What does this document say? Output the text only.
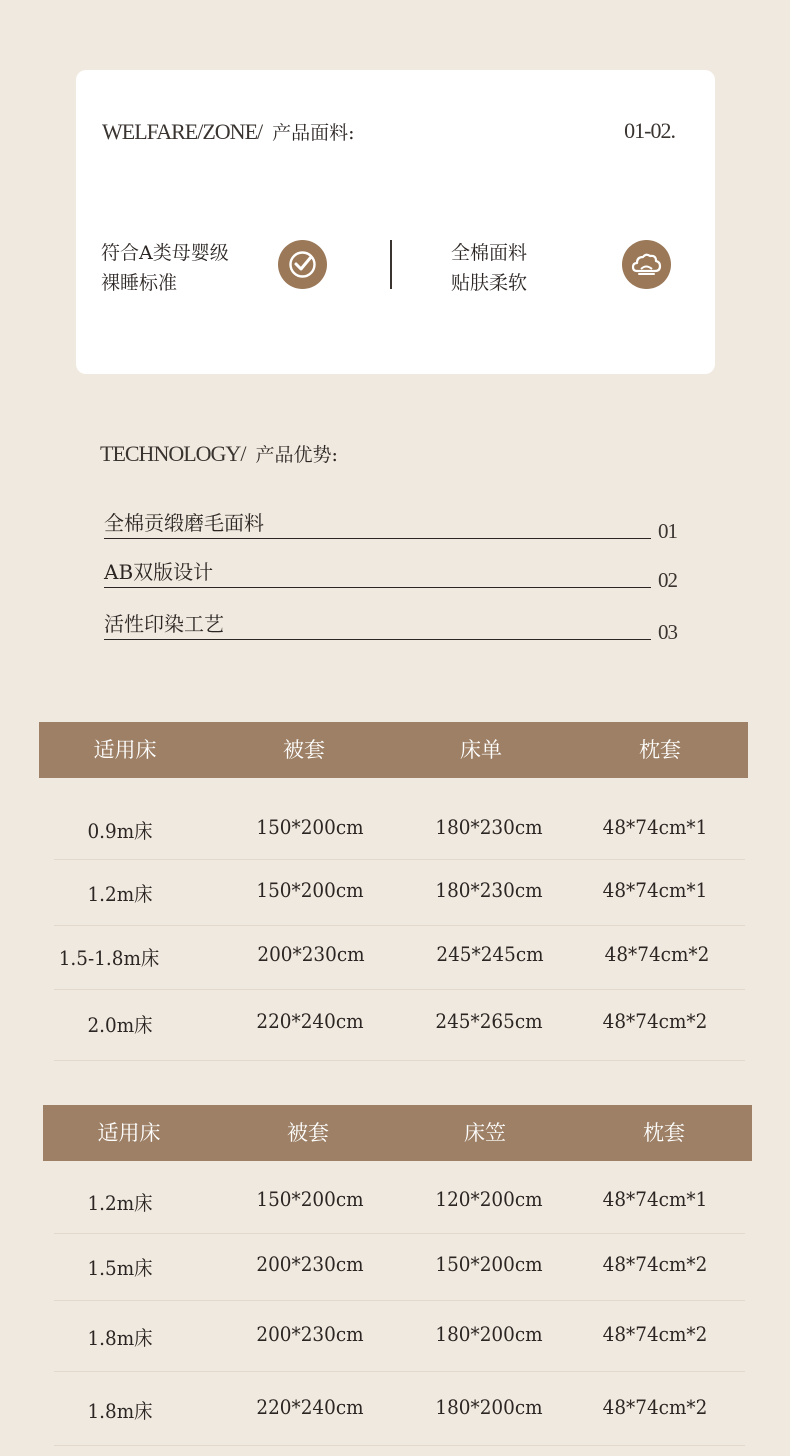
WELFARE/ZONE/ 产品面料:	01-02.
符合A类母婴级
裸睡标准
全棉面料
贴肤柔软
TECHNOLOGY/ 产品优势:
全棉贡缎磨毛面料	01
AB双版设计	02
活性印染工艺	03
适用床	被套	床单	枕套
0.9m床	150*200cm	180*230cm	48*74cm*1
1.2m床	150*200cm	180*230cm	48*74cm*1
1.5-1.8m床	200*230cm	245*245cm	48*74cm*2
2.0m床	220*240cm	245*265cm	48*74cm*2
适用床	被套	床笠	枕套
1.2m床	150*200cm	120*200cm	48*74cm*1
1.5m床	200*230cm	150*200cm	48*74cm*2
1.8m床	200*230cm	180*200cm	48*74cm*2
1.8m床	220*240cm	180*200cm	48*74cm*2
